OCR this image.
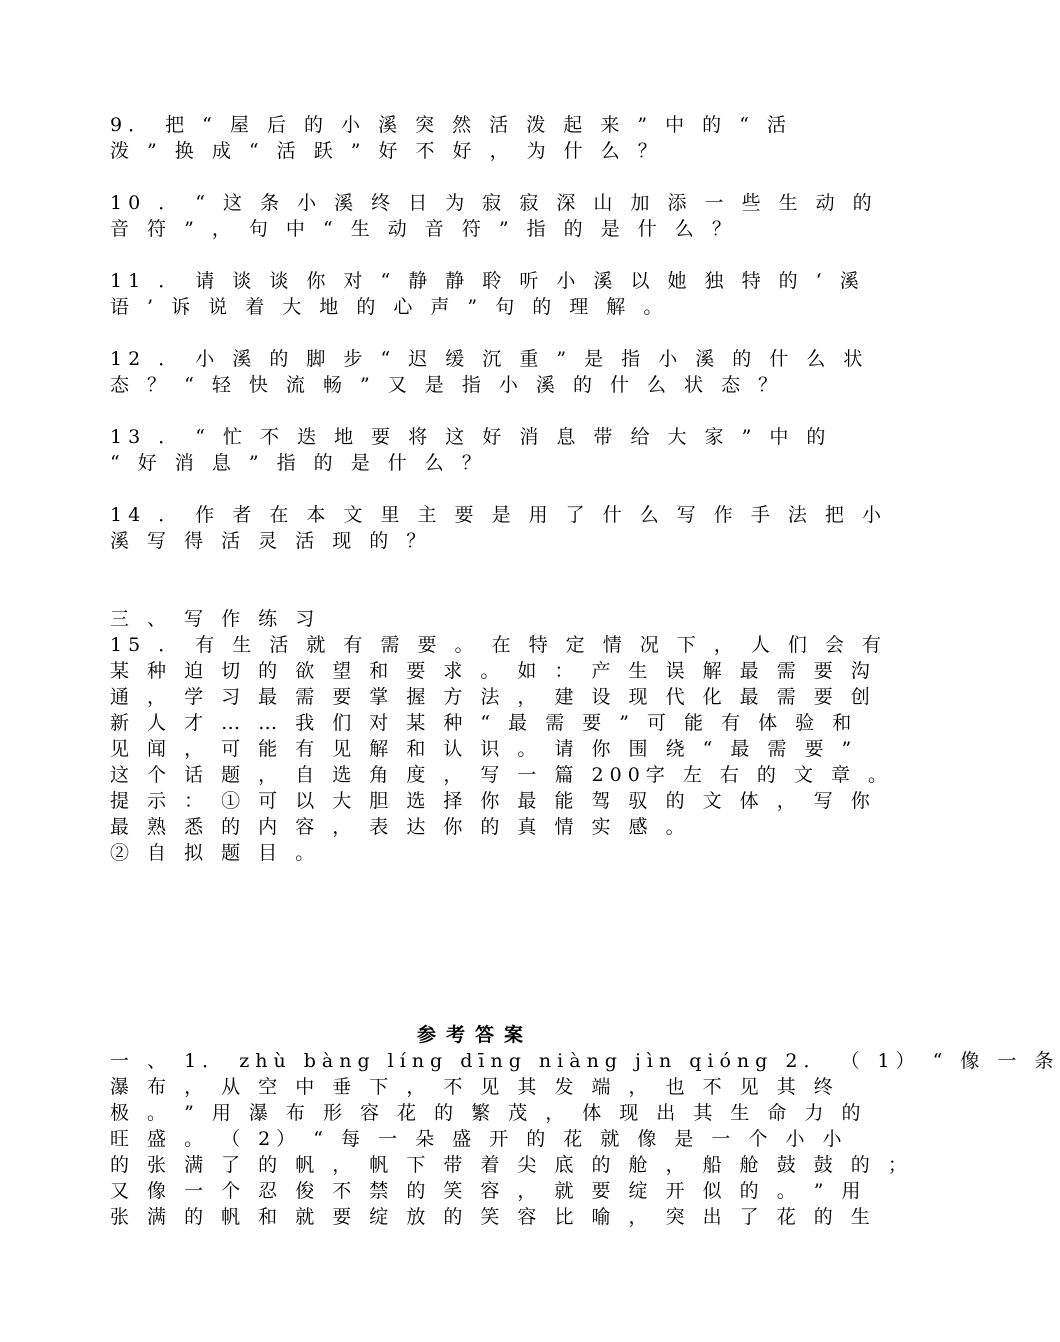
9． 把 “ 屋 后 的 小 溪 突 然 活 泼 起 来 ” 中 的 “ 活
泼 ” 换 成 “ 活 跃 ” 好 不 好 ， 为 什 么 ？
10 ． “ 这 条 小 溪 终 日 为 寂 寂 深 山 加 添 一 些 生 动 的
音 符 ” ， 句 中 “ 生 动 音 符 ” 指 的 是 什 么 ？
11 ． 请 谈 谈 你 对 “ 静 静 聆 听 小 溪 以 她 独 特 的 ‘ 溪
语 ’ 诉 说 着 大 地 的 心 声 ” 句 的 理 解 。
12 ． 小 溪 的 脚 步 “ 迟 缓 沉 重 ” 是 指 小 溪 的 什 么 状
态 ？ “ 轻 快 流 畅 ” 又 是 指 小 溪 的 什 么 状 态 ？
13 ． “ 忙 不 迭 地 要 将 这 好 消 息 带 给 大 家 ” 中 的
“ 好 消 息 ” 指 的 是 什 么 ？
14 ． 作 者 在 本 文 里 主 要 是 用 了 什 么 写 作 手 法 把 小
溪 写 得 活 灵 活 现 的 ？
三 、 写 作 练 习
15 ． 有 生 活 就 有 需 要 。 在 特 定 情 况 下 ， 人 们 会 有
某 种 迫 切 的 欲 望 和 要 求 。 如 ： 产 生 误 解 最 需 要 沟
通 ， 学 习 最 需 要 掌 握 方 法 ， 建 设 现 代 化 最 需 要 创
新 人 才 … … 我 们 对 某 种 “ 最 需 要 ” 可 能 有 体 验 和
见 闻 ， 可 能 有 见 解 和 认 识 。 请 你 围 绕 “ 最 需 要 ”
这 个 话 题 ， 自 选 角 度 ， 写 一 篇 200字 左 右 的 文 章 。
提 示 ： ① 可 以 大 胆 选 择 你 最 能 驾 驭 的 文 体 ， 写 你
最 熟 悉 的 内 容 ， 表 达 你 的 真 情 实 感 。
② 自 拟 题 目 。
参考答案
一 、 1． zhù bàng líng dīng niàng jìn qióng 2． （ 1） “ 像 一 条
瀑 布 ， 从 空 中 垂 下 ， 不 见 其 发 端 ， 也 不 见 其 终
极 。 ” 用 瀑 布 形 容 花 的 繁 茂 ， 体 现 出 其 生 命 力 的
旺 盛 。 （ 2） “ 每 一 朵 盛 开 的 花 就 像 是 一 个 小 小
的 张 满 了 的 帆 ， 帆 下 带 着 尖 底 的 舱 ， 船 舱 鼓 鼓 的 ；
又 像 一 个 忍 俊 不 禁 的 笑 容 ， 就 要 绽 开 似 的 。 ” 用
张 满 的 帆 和 就 要 绽 放 的 笑 容 比 喻 ， 突 出 了 花 的 生
